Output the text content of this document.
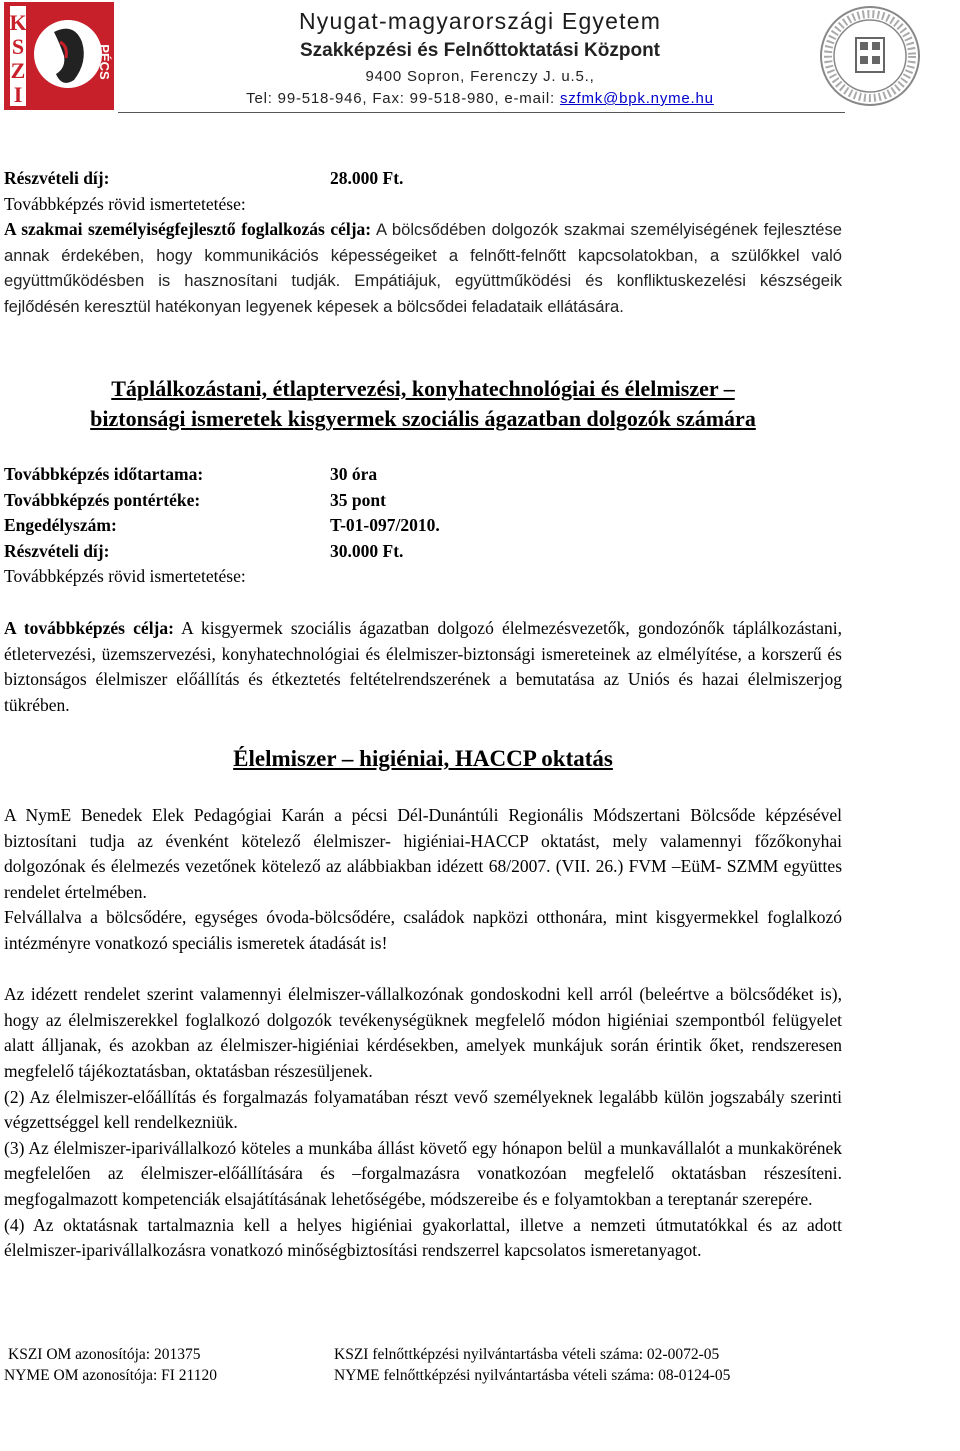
K
S
Z
I
PÉCS
Nyugat-magyarországi Egyetem
Szakképzési és Felnőttoktatási Központ
9400 Sopron, Ferenczy J. u.5.,
Tel: 99-518-946, Fax: 99-518-980, e-mail: szfmk@bpk.nyme.hu
Részvételi díj:	28.000 Ft.
Továbbképzés rövid ismertetetése:

A szakmai személyiségfejlesztő foglalkozás célja: A bölcsődében dolgozók szakmai személyiségének fejlesztése annak érdekében, hogy kommunikációs képességeiket a felnőtt-felnőtt kapcsolatokban, a szülőkkel való együttműködésben is hasznosítani tudják. Empátiájuk, együttműködési és konfliktuskezelési készségeik fejlődésén keresztül hatékonyan legyenek képesek a bölcsődei feladataik ellátására.

Táplálkozástani, étlaptervezési, konyhatechnológiai és élelmiszer –
biztonsági ismeretek kisgyermek szociális ágazatban dolgozók számára
Továbbképzés időtartama:	30 óra
Továbbképzés pontértéke:	35 pont
Engedélyszám:	T-01-097/2010.
Részvételi díj:	30.000 Ft.
Továbbképzés rövid ismertetetése:

A továbbképzés célja: A kisgyermek szociális ágazatban dolgozó élelmezésvezetők, gondozónők táplálkozástani, étletervezési, üzemszervezési, konyhatechnológiai és élelmiszer-biztonsági ismereteinek az elmélyítése, a korszerű és biztonságos élelmiszer előállítás és étkeztetés feltételrendszerének a bemutatása az Uniós és hazai élelmiszerjog tükrében.

Élelmiszer – higiéniai, HACCP oktatás

A NymE Benedek Elek Pedagógiai Karán a pécsi Dél-Dunántúli Regionális Módszertani Bölcsőde képzésével biztosítani tudja az évenként kötelező élelmiszer- higiéniai-HACCP oktatást, mely valamennyi főzőkonyhai dolgozónak és élelmezés vezetőnek kötelező az alábbiakban idézett 68/2007. (VII. 26.) FVM –EüM- SZMM együttes rendelet értelmében.

Felvállalva a bölcsődére, egységes óvoda-bölcsődére, családok napközi otthonára, mint kisgyermekkel foglalkozó intézményre vonatkozó speciális ismeretek átadását is!

Az idézett rendelet szerint valamennyi élelmiszer-vállalkozónak gondoskodni kell arról (beleértve a bölcsődéket is), hogy az élelmiszerekkel foglalkozó dolgozók tevékenységüknek megfelelő módon higiéniai szempontból felügyelet alatt álljanak, és azokban az élelmiszer-higiéniai kérdésekben, amelyek munkájuk során érintik őket, rendszeresen megfelelő tájékoztatásban, oktatásban részesüljenek.

(2) Az élelmiszer-előállítás és forgalmazás folyamatában részt vevő személyeknek legalább külön jogszabály szerinti végzettséggel kell rendelkezniük.

(3) Az élelmiszer-iparivállalkozó köteles a munkába állást követő egy hónapon belül a munkavállalót a munkakörének megfelelően az élelmiszer-előállítására és –forgalmazásra vonatkozóan megfelelő oktatásban részesíteni. megfogalmazott kompetenciák elsajátításának lehetőségébe, módszereibe és e folyamtokban a tereptanár szerepére.

(4) Az oktatásnak tartalmaznia kell a helyes higiéniai gyakorlattal, illetve a nemzeti útmutatókkal és az adott élelmiszer-iparivállalkozásra vonatkozó minőségbiztosítási rendszerrel kapcsolatos ismeretanyagot.

KSZI OM azonosítója: 201375	KSZI felnőttképzési nyilvántartásba vételi száma: 02-0072-05
NYME OM azonosítója: FI 21120	NYME felnőttképzési nyilvántartásba vételi száma: 08-0124-05
